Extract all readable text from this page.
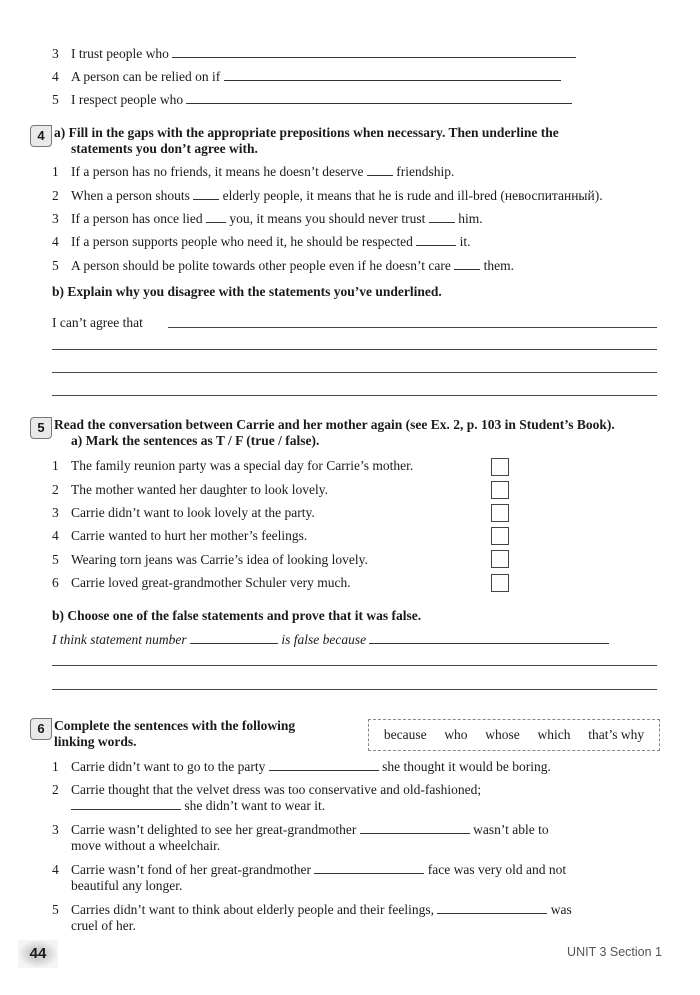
3 I trust people who
4 A person can be relied on if
5 I respect people who
4 a) Fill in the gaps with the appropriate prepositions when necessary. Then underline the
statements you don’t agree with.
1 If a person has no friends, it means he doesn’t deserve friendship.
2 When a person shouts elderly people, it means that he is rude and ill-bred (невоспитанный).
3 If a person has once lied you, it means you should never trust him.
4 If a person supports people who need it, he should be respected	it.
5 A person should be polite towards other people even if he doesn’t care them.
b) Explain why you disagree with the statements you’ve underlined.
I can’t agree that
5 Read the conversation between Carrie and her mother again (see Ex. 2, p. 103 in Student’s Book).
a) Mark the sentences as T / F (true / false).
1 The family reunion party was a special day for Carrie’s mother.
2 The mother wanted her daughter to look lovely.
3 Carrie didn’t want to look lovely at the party.
4 Carrie wanted to hurt her mother’s feelings.
5 Wearing torn jeans was Carrie’s idea of looking lovely.
6 Carrie loved great-grandmother Schuler very much.
b) Choose one of the false statements and prove that it was false.
I think statement number	is false because
6 Complete the sentences with the following
linking words.	because who whose which that’s why
1 Carrie didn’t want to go to the party	she thought it would be boring.
2 Carrie thought that the velvet dress was too conservative and old-fashioned;
she didn’t want to wear it.
3 Carrie wasn’t delighted to see her great-grandmother	wasn’t able to
move without a wheelchair.
4 Carrie wasn’t fond of her great-grandmother	face was very old and not
beautiful any longer.
5 Carries didn’t want to think about elderly people and their feelings,	was
cruel of her.
44	UNIT 3 Section 1
